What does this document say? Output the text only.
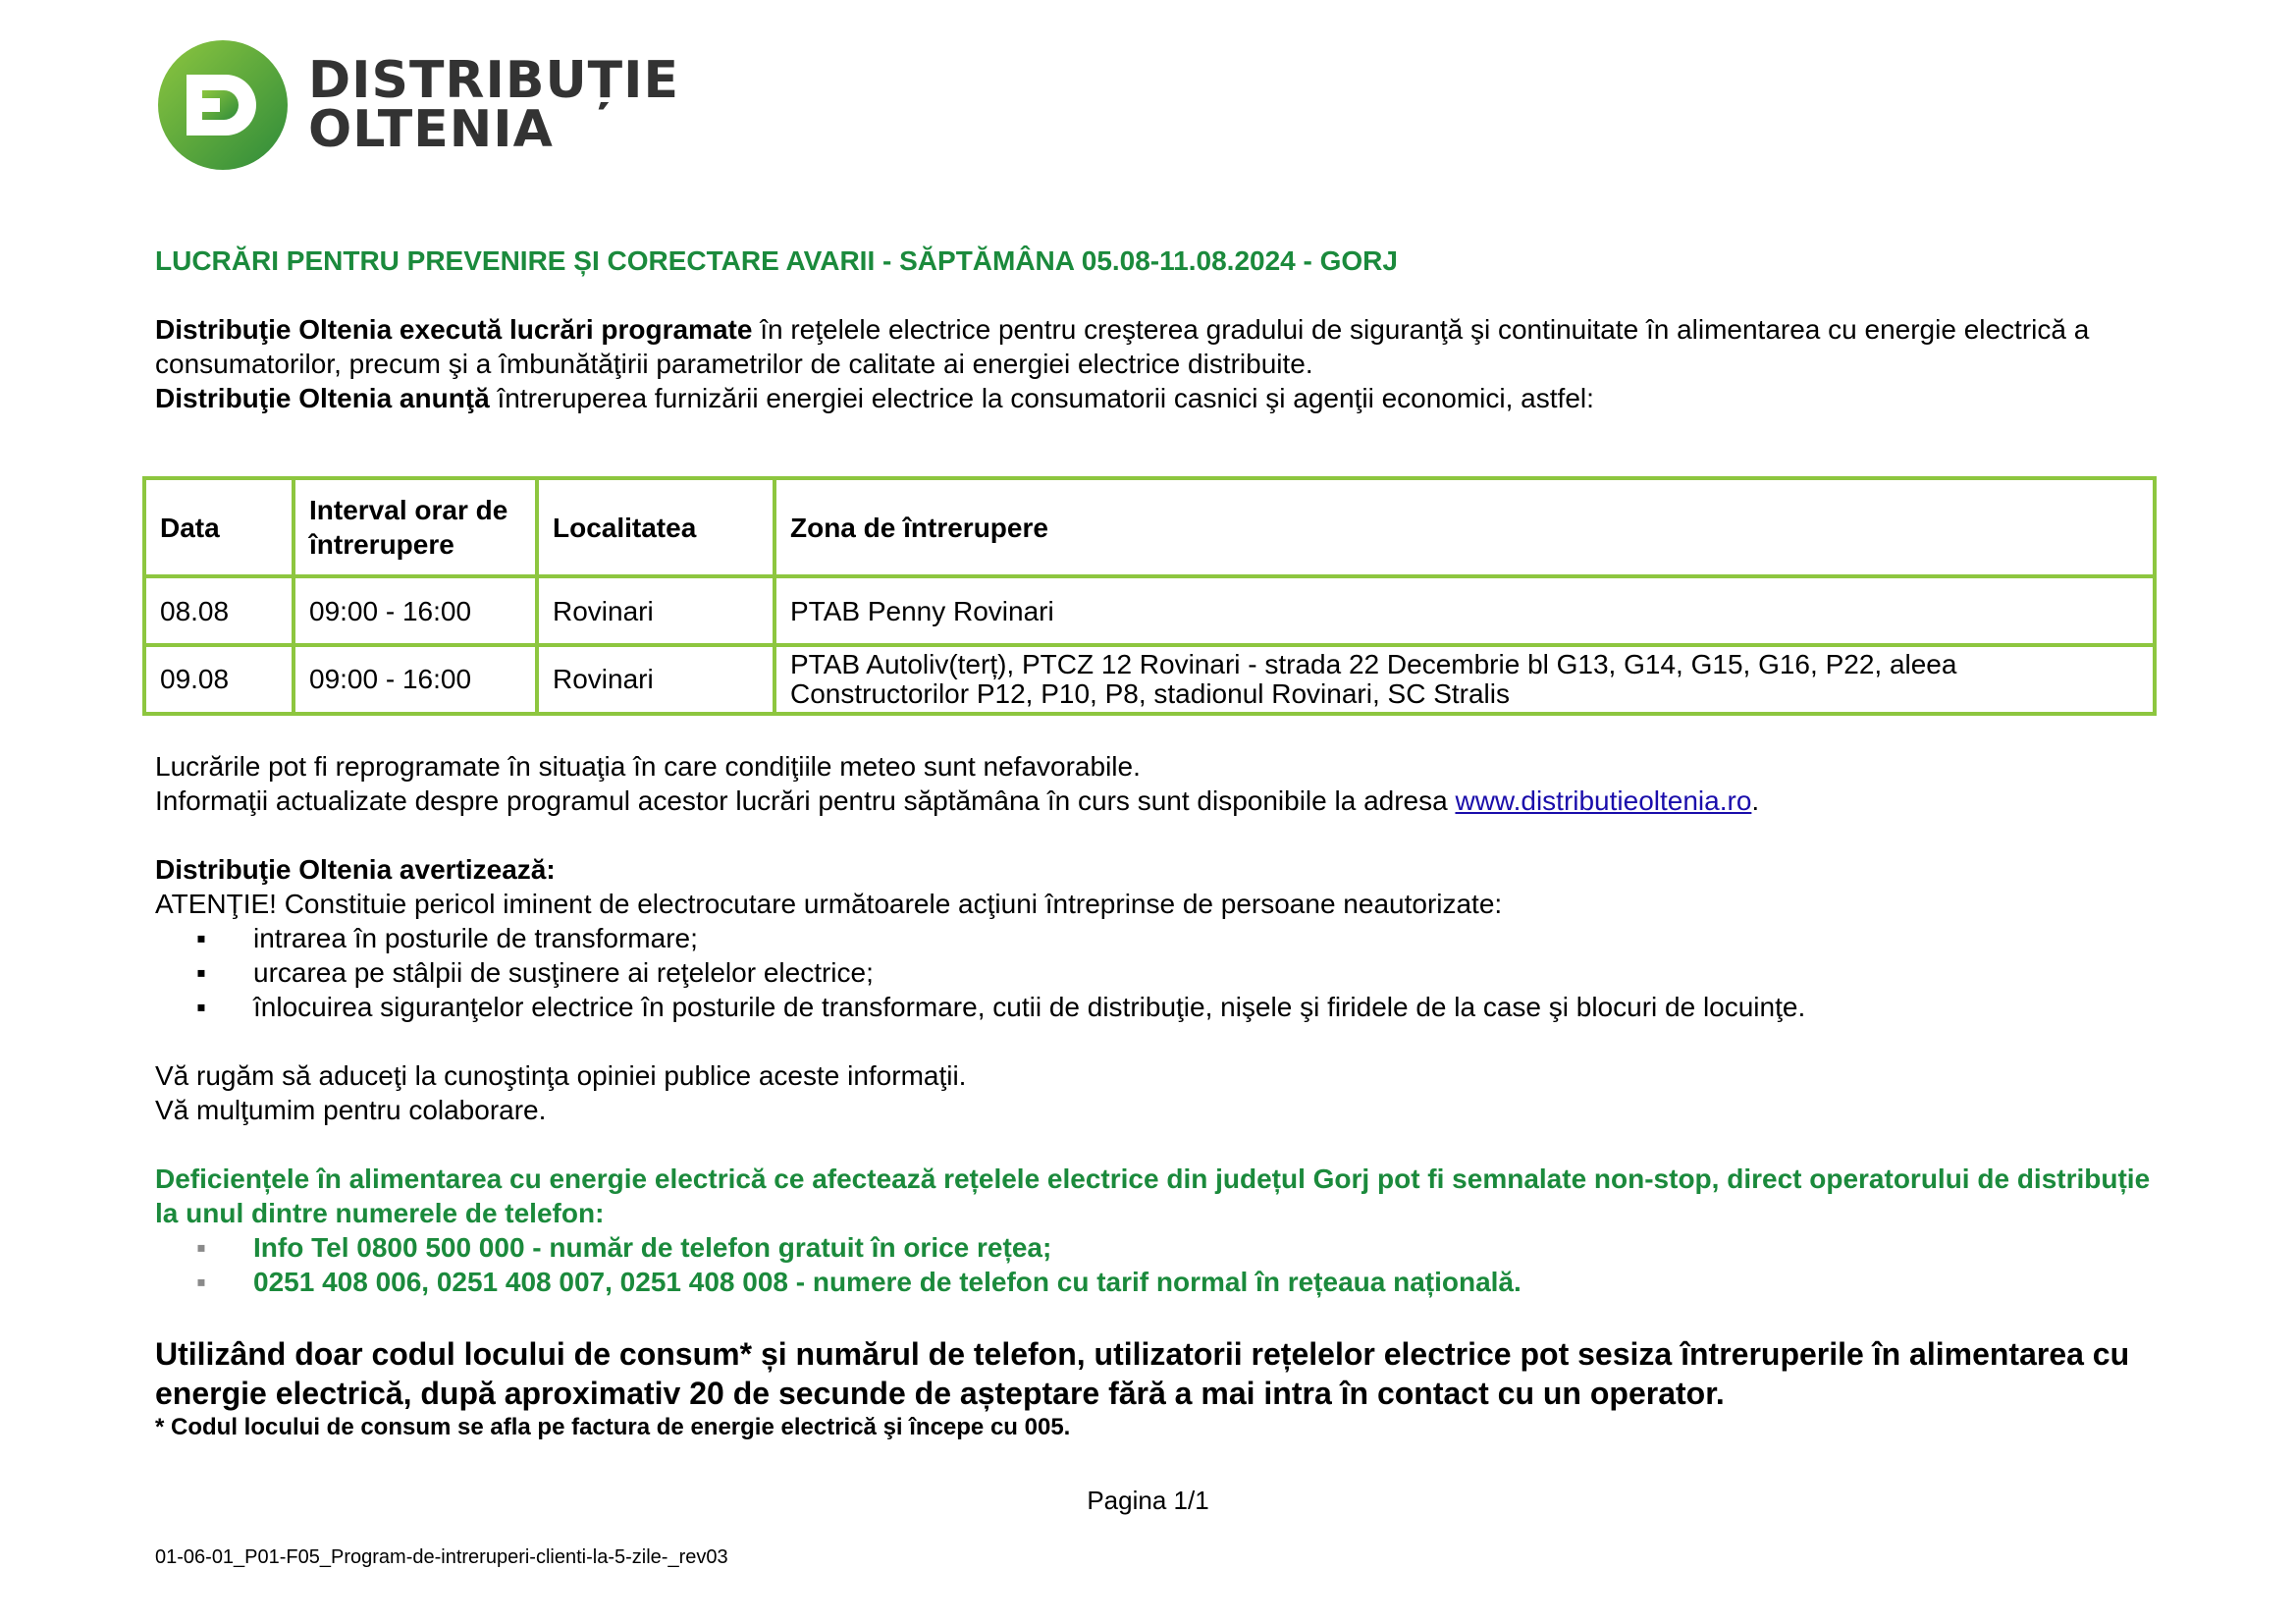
DISTRIBUȚIE
OLTENIA

LUCRĂRI PENTRU PREVENIRE ȘI CORECTARE AVARII - SĂPTĂMÂNA 05.08-11.08.2024 - GORJ

Distribuţie Oltenia execută lucrări programate în reţelele electrice pentru creşterea gradului de siguranţă şi continuitate în alimentarea cu energie electrică a consumatorilor, precum şi a îmbunătăţirii parametrilor de calitate ai energiei electrice distribuite.

Distribuţie Oltenia anunţă întreruperea furnizării energiei electrice la consumatorii casnici şi agenţii economici, astfel:

Data	Interval orar de întrerupere	Localitatea	Zona de întrerupere
08.08	09:00 - 16:00	Rovinari	PTAB Penny Rovinari
09.08	09:00 - 16:00	Rovinari	PTAB Autoliv(terț), PTCZ 12 Rovinari - strada 22 Decembrie bl G13, G14, G15, G16, P22, aleea Constructorilor P12, P10, P8, stadionul Rovinari, SC Stralis

Lucrările pot fi reprogramate în situaţia în care condiţiile meteo sunt nefavorabile.

Informaţii actualizate despre programul acestor lucrări pentru săptămâna în curs sunt disponibile la adresa www.distributieoltenia.ro.

Distribuţie Oltenia avertizează:

ATENŢIE! Constituie pericol iminent de electrocutare următoarele acţiuni întreprinse de persoane neautorizate:

▪ intrarea în posturile de transformare;
▪ urcarea pe stâlpii de susţinere ai reţelelor electrice;
▪ înlocuirea siguranţelor electrice în posturile de transformare, cutii de distribuţie, nişele şi firidele de la case şi blocuri de locuinţe.

Vă rugăm să aduceţi la cunoştinţa opiniei publice aceste informaţii.

Vă mulţumim pentru colaborare.

Deficiențele în alimentarea cu energie electrică ce afectează rețelele electrice din județul Gorj pot fi semnalate non-stop, direct operatorului de distribuție la unul dintre numerele de telefon:

▪ Info Tel 0800 500 000 - număr de telefon gratuit în orice rețea;
▪ 0251 408 006, 0251 408 007, 0251 408 008 - numere de telefon cu tarif normal în rețeaua națională.

Utilizând doar codul locului de consum* și numărul de telefon, utilizatorii rețelelor electrice pot sesiza întreruperile în alimentarea cu energie electrică, după aproximativ 20 de secunde de așteptare fără a mai intra în contact cu un operator.

* Codul locului de consum se afla pe factura de energie electrică şi începe cu 005.

Pagina 1/1
01-06-01_P01-F05_Program-de-intreruperi-clienti-la-5-zile-_rev03
